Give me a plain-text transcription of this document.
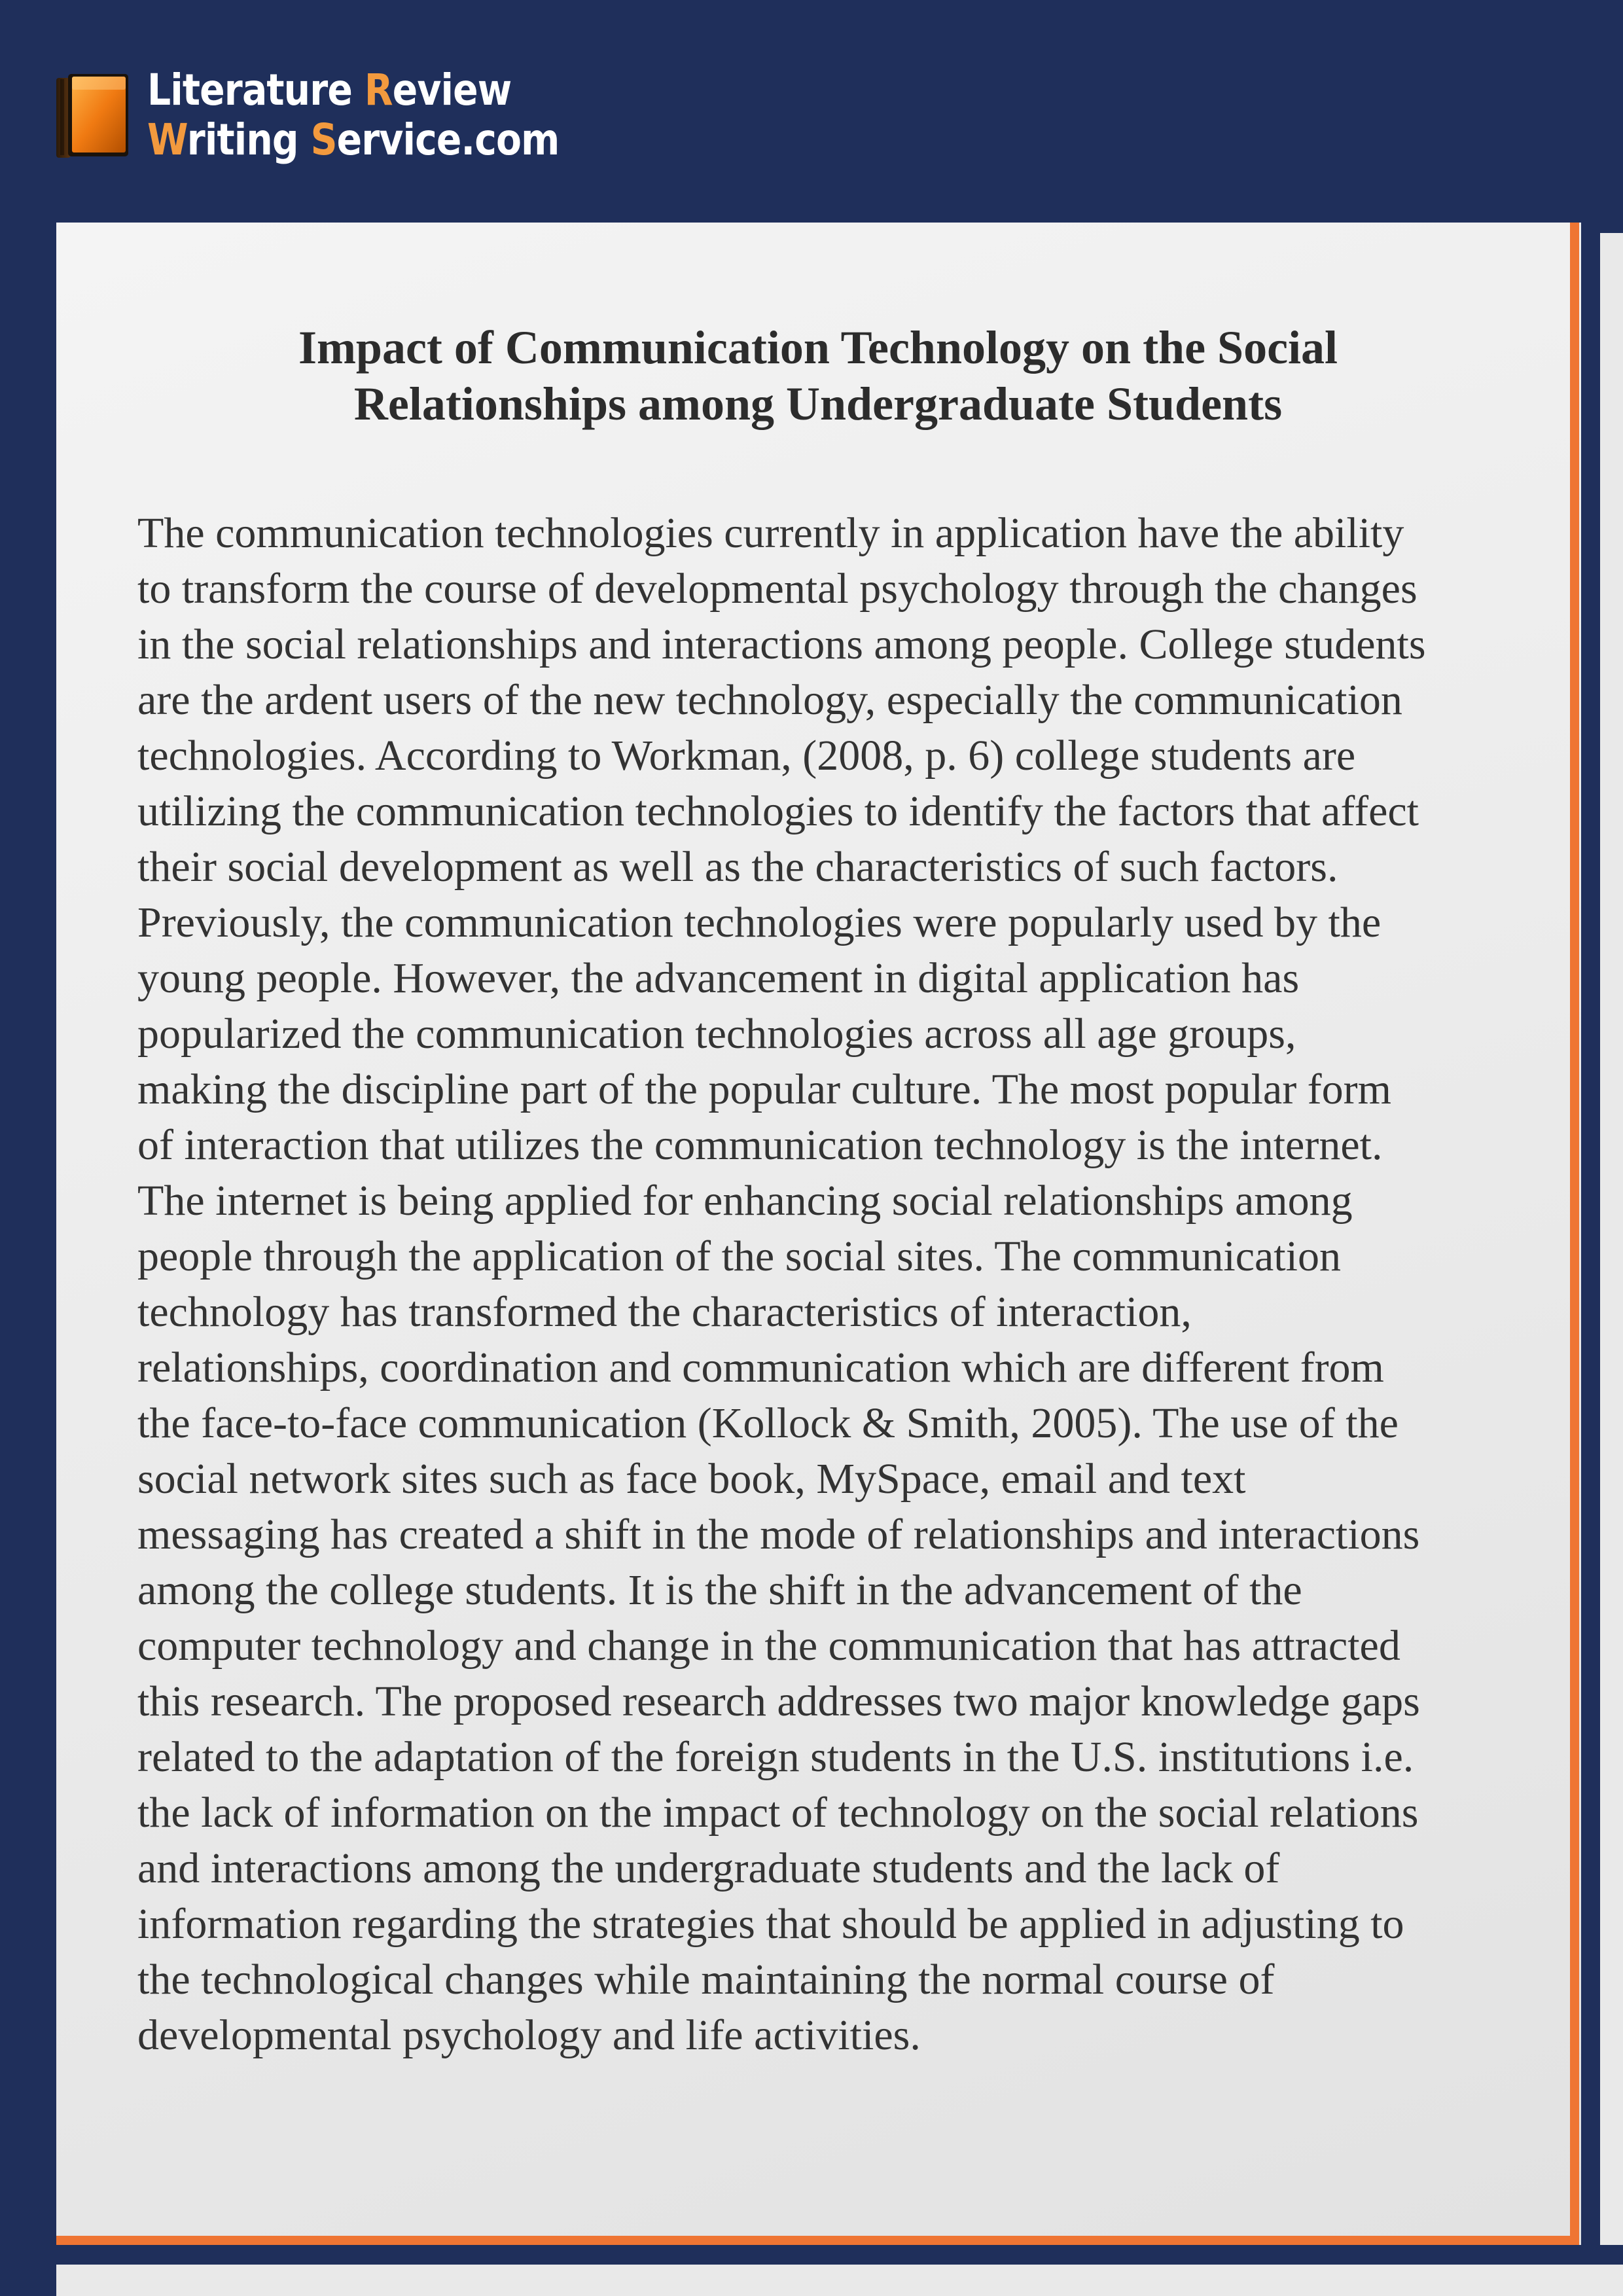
Literature Review
Writing Service.com
Impact of Communication Technology on the Social
Relationships among Undergraduate Students
The communication technologies currently in application have the ability
to transform the course of developmental psychology through the changes
in the social relationships and interactions among people. College students
are the ardent users of the new technology, especially the communication
technologies. According to Workman, (2008, p. 6) college students are
utilizing the communication technologies to identify the factors that affect
their social development as well as the characteristics of such factors.
Previously, the communication technologies were popularly used by the
young people. However, the advancement in digital application has
popularized the communication technologies across all age groups,
making the discipline part of the popular culture. The most popular form
of interaction that utilizes the communication technology is the internet.
The internet is being applied for enhancing social relationships among
people through the application of the social sites. The communication
technology has transformed the characteristics of interaction,
relationships, coordination and communication which are different from
the face-to-face communication (Kollock & Smith, 2005). The use of the
social network sites such as face book, MySpace, email and text
messaging has created a shift in the mode of relationships and interactions
among the college students. It is the shift in the advancement of the
computer technology and change in the communication that has attracted
this research. The proposed research addresses two major knowledge gaps
related to the adaptation of the foreign students in the U.S. institutions i.e.
the lack of information on the impact of technology on the social relations
and interactions among the undergraduate students and the lack of
information regarding the strategies that should be applied in adjusting to
the technological changes while maintaining the normal course of
developmental psychology and life activities.
